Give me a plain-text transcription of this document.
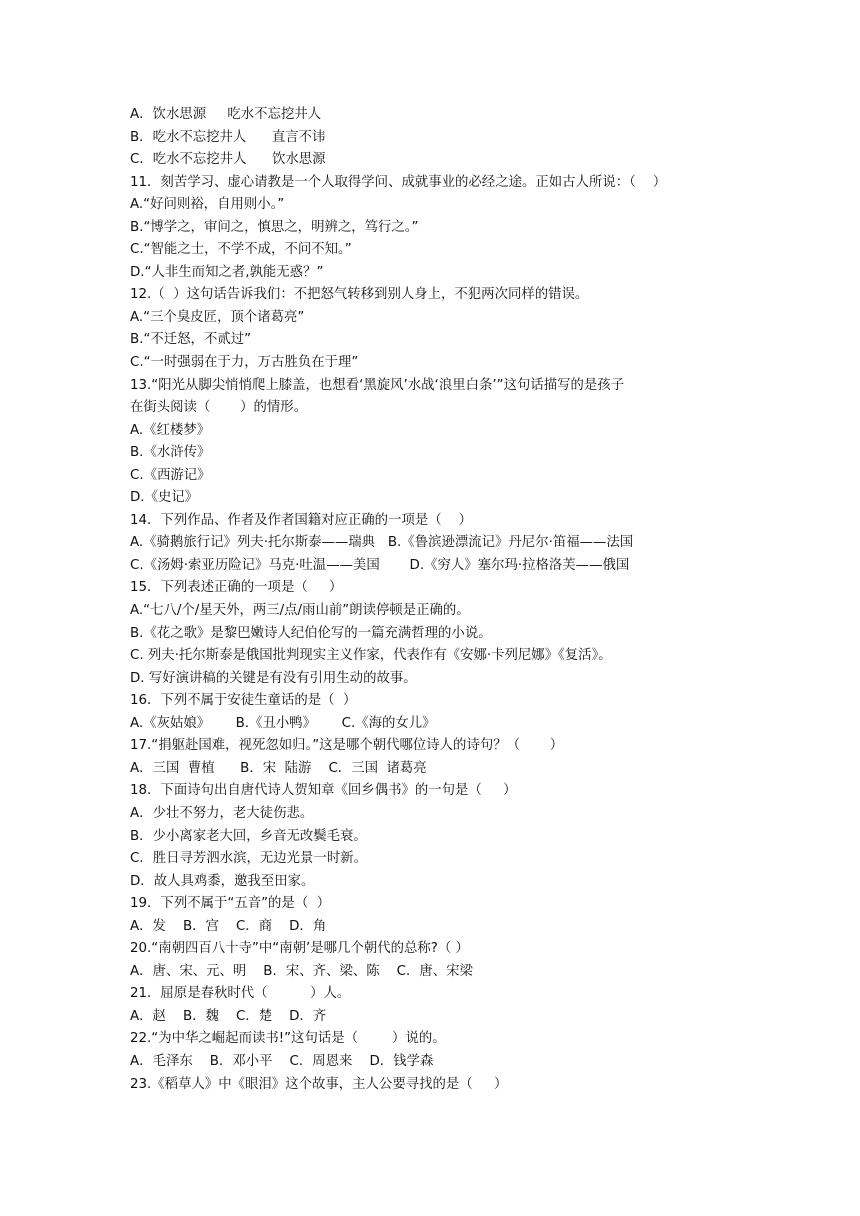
A．饮水思源     吃水不忘挖井人
B．吃水不忘挖井人      直言不讳
C．吃水不忘挖井人      饮水思源
11．刻苦学习、虚心请教是一个人取得学问、成就事业的必经之途。正如古人所说：（    ）
A.“好问则裕，自用则小。”
B.“博学之，审问之，慎思之，明辨之，笃行之。”
C.“智能之士，不学不成，不问不知。”
D.“人非生而知之者,孰能无惑？”
12.（  ）这句话告诉我们：不把怒气转移到别人身上，不犯两次同样的错误。
A.“三个臭皮匠，顶个诸葛亮”
B.“不迁怒，不贰过”
C.“一时强弱在于力，万古胜负在于理”
13.“阳光从脚尖悄悄爬上膝盖，也想看‘黑旋风’水战‘浪里白条’”这句话描写的是孩子
在街头阅读（       ）的情形。
A.《红楼梦》
B.《水浒传》
C.《西游记》
D.《史记》
14．下列作品、作者及作者国籍对应正确的一项是（    ）
A.《骑鹅旅行记》列夫·托尔斯泰——瑞典   B.《鲁滨逊漂流记》丹尼尔·笛福——法国
C.《汤姆·索亚历险记》马克·吐温——美国       D.《穷人》塞尔玛·拉格洛芙——俄国
15．下列表述正确的一项是（     ）
A.“七八/个/星天外，两三/点/雨山前”朗读停顿是正确的。
B.《花之歌》是黎巴嫩诗人纪伯伦写的一篇充满哲理的小说。
C. 列夫·托尔斯泰是俄国批判现实主义作家，代表作有《安娜·卡列尼娜》《复活》。
D. 写好演讲稿的关键是有没有引用生动的故事。
16．下列不属于安徒生童话的是（  ）
A.《灰姑娘》      B.《丑小鸭》      C.《海的女儿》
17.“捐躯赴国难，视死忽如归。”这是哪个朝代哪位诗人的诗句？（       ）
A．三国  曹植      B．宋  陆游    C．三国  诸葛亮
18．下面诗句出自唐代诗人贺知章《回乡偶书》的一句是（     ）
A．少壮不努力，老大徒伤悲。
B．少小离家老大回，乡音无改鬓毛衰。
C．胜日寻芳泗水滨，无边光景一时新。
D．故人具鸡黍，邀我至田家。
19．下列不属于“五音”的是（  ）
A．发    B．宫    C．商    D．角
20.“南朝四百八十寺”中“南朝’是哪几个朝代的总称?（ ）
A．唐、宋、元、明    B．宋、齐、梁、陈    C．唐、宋梁
21．屈原是春秋时代（          ）人。
A．赵    B．魏    C．楚    D．齐
22.“为中华之崛起而读书!”这句话是（        ）说的。
A．毛泽东    B．邓小平    C．周恩来    D．钱学森
23.《稻草人》中《眼泪》这个故事，主人公要寻找的是（     ）
